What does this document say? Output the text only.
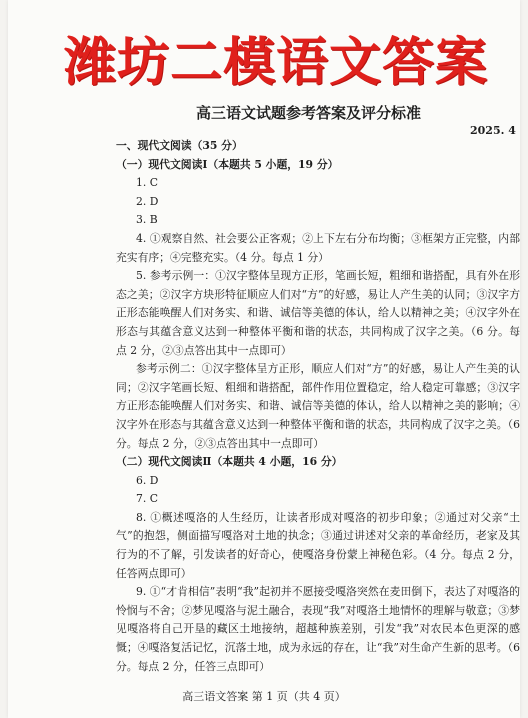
潍坊二模语文答案
高三语文试题参考答案及评分标准
2025. 4

一、现代文阅读（35 分）

（一）现代文阅读Ⅰ（本题共 5 小题，19 分）

1. C

2. D

3. B

4. ①观察自然、社会要公正客观；②上下左右分布均衡；③框架方正完整，内部充实有序；④完整充实。（4 分。每点 1 分）

5. 参考示例一：①汉字整体呈现方正形，笔画长短，粗细和谐搭配，具有外在形态之美；②汉字方块形特征顺应人们对“方”的好感，易让人产生美的认同；③汉字方正形态能唤醒人们对务实、和谐、诚信等美德的体认，给人以精神之美；④汉字外在形态与其蕴含意义达到一种整体平衡和谐的状态，共同构成了汉字之美。（6 分。每点 2 分，②③点答出其中一点即可）

参考示例二：①汉字整体呈方正形，顺应人们对“方”的好感，易让人产生美的认同；②汉字笔画长短、粗细和谐搭配，部件作用位置稳定，给人稳定可靠感；③汉字方正形态能唤醒人们对务实、和谐、诚信等美德的体认，给人以精神之美的影响；④汉字外在形态与其蕴含意义达到一种整体平衡和谐的状态，共同构成了汉字之美。（6 分。每点 2 分，②③点答出其中一点即可）

（二）现代文阅读Ⅱ（本题共 4 小题，16 分）

6. D

7. C

8. ①概述嘎洛的人生经历，让读者形成对嘎洛的初步印象；②通过对父亲“土气”的抱怨，侧面描写嘎洛对土地的执念；③通过讲述对父亲的革命经历，老家及其行为的不了解，引发读者的好奇心，使嘎洛身份蒙上神秘色彩。（4 分。每点 2 分，任答两点即可）

9. ①“才肯相信”表明“我”起初并不愿接受嘎洛突然在麦田倒下，表达了对嘎洛的怜悯与不舍；②梦见嘎洛与泥土融合，表现“我”对嘎洛土地情怀的理解与敬意；③梦见嘎洛将自己开垦的藏区土地接纳，超越种族差别，引发“我”对农民本色更深的感慨；④嘎洛复活记忆，沉落土地，成为永远的存在，让“我”对生命产生新的思考。（6 分。每点 2 分，任答三点即可）

高三语文答案 第 1 页（共 4 页）
